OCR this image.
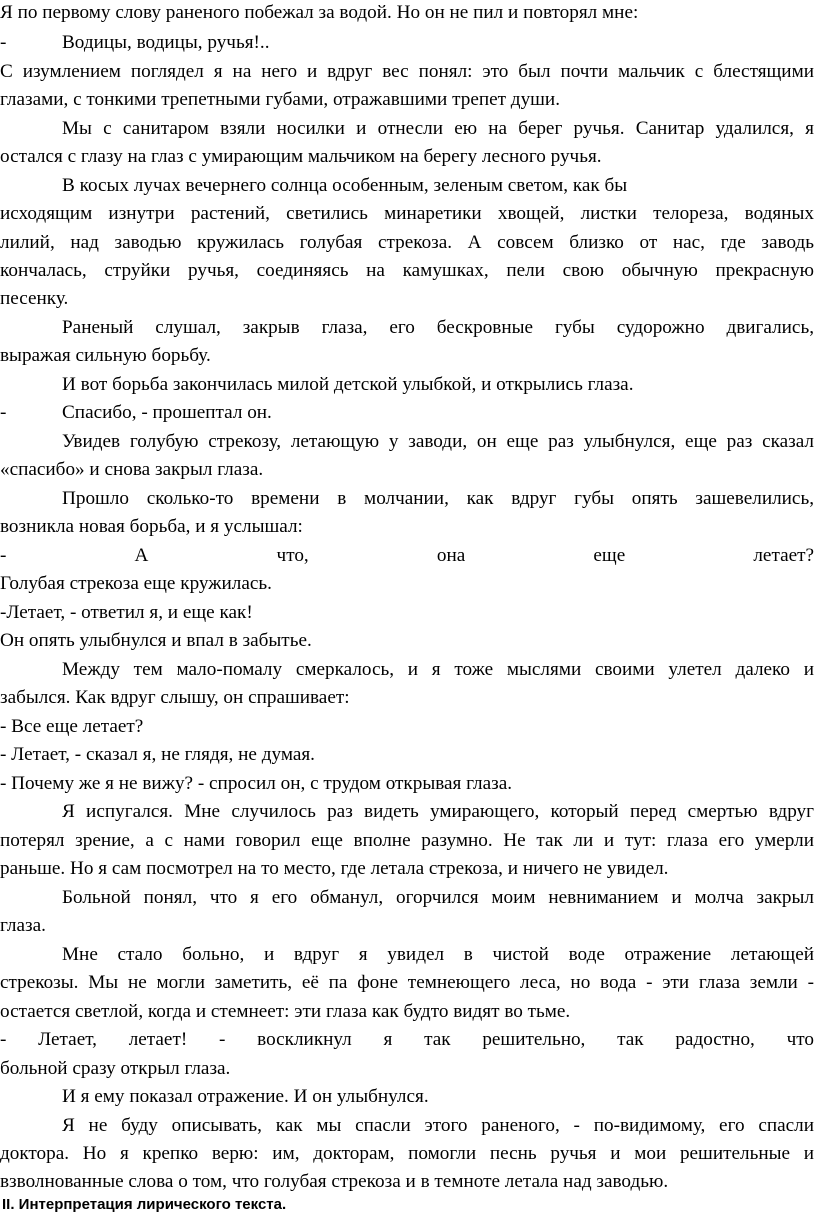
Я по первому слову раненого побежал за водой. Но он не пил и повторял мне:
-	Водицы, водицы, ручья!..
С изумлением поглядел я на него и вдруг вес понял: это был почти мальчик с блестящими
глазами, с тонкими трепетными губами, отражавшими трепет души.
Мы с санитаром взяли носилки и отнесли ею на берег ручья. Санитар удалился, я
остался с глазу на глаз с умирающим мальчиком на берегу лесного ручья.
В косых лучах вечернего солнца особенным, зеленым светом, как бы
исходящим изнутри растений, светились минаретики хвощей, листки телореза, водяных
лилий, над заводью кружилась голубая стрекоза. А совсем близко от нас, где заводь
кончалась, струйки ручья, соединяясь на камушках, пели свою обычную прекрасную
песенку.
Раненый слушал, закрыв глаза, его бескровные губы судорожно двигались,
выражая сильную борьбу.
И вот борьба закончилась милой детской улыбкой, и открылись глаза.
-	Спасибо, - прошептал он.
Увидев голубую стрекозу, летающую у заводи, он еще раз улыбнулся, еще раз сказал
«спасибо» и снова закрыл глаза.
Прошло сколько-то времени в молчании, как вдруг губы опять зашевелились,
возникла новая борьба, и я услышал:
- А что, она еще летает?
Голубая стрекоза еще кружилась.
-Летает, - ответил я, и еще как!
Он опять улыбнулся и впал в забытье.
Между тем мало-помалу смеркалось, и я тоже мыслями своими улетел далеко и
забылся. Как вдруг слышу, он спрашивает:
- Все еще летает?
- Летает, - сказал я, не глядя, не думая.
- Почему же я не вижу? - спросил он, с трудом открывая глаза.
Я испугался. Мне случилось раз видеть умирающего, который перед смертью вдруг
потерял зрение, а с нами говорил еще вполне разумно. Не так ли и тут: глаза его умерли
раньше. Но я сам посмотрел на то место, где летала стрекоза, и ничего не увидел.
Больной понял, что я его обманул, огорчился моим невниманием и молча закрыл
глаза.
Мне стало больно, и вдруг я увидел в чистой воде отражение летающей
стрекозы. Мы не могли заметить, её па фоне темнеющего леса, но вода - эти глаза земли -
остается светлой, когда и стемнеет: эти глаза как будто видят во тьме.
- Летает, летает! - воскликнул я так решительно, так радостно, что
больной сразу открыл глаза.
И я ему показал отражение. И он улыбнулся.
Я не буду описывать, как мы спасли этого раненого, - по-видимому, его спасли
доктора. Но я крепко верю: им, докторам, помогли песнь ручья и мои решительные и
взволнованные слова о том, что голубая стрекоза и в темноте летала над заводью.
II. Интерпретация лирического текста.
